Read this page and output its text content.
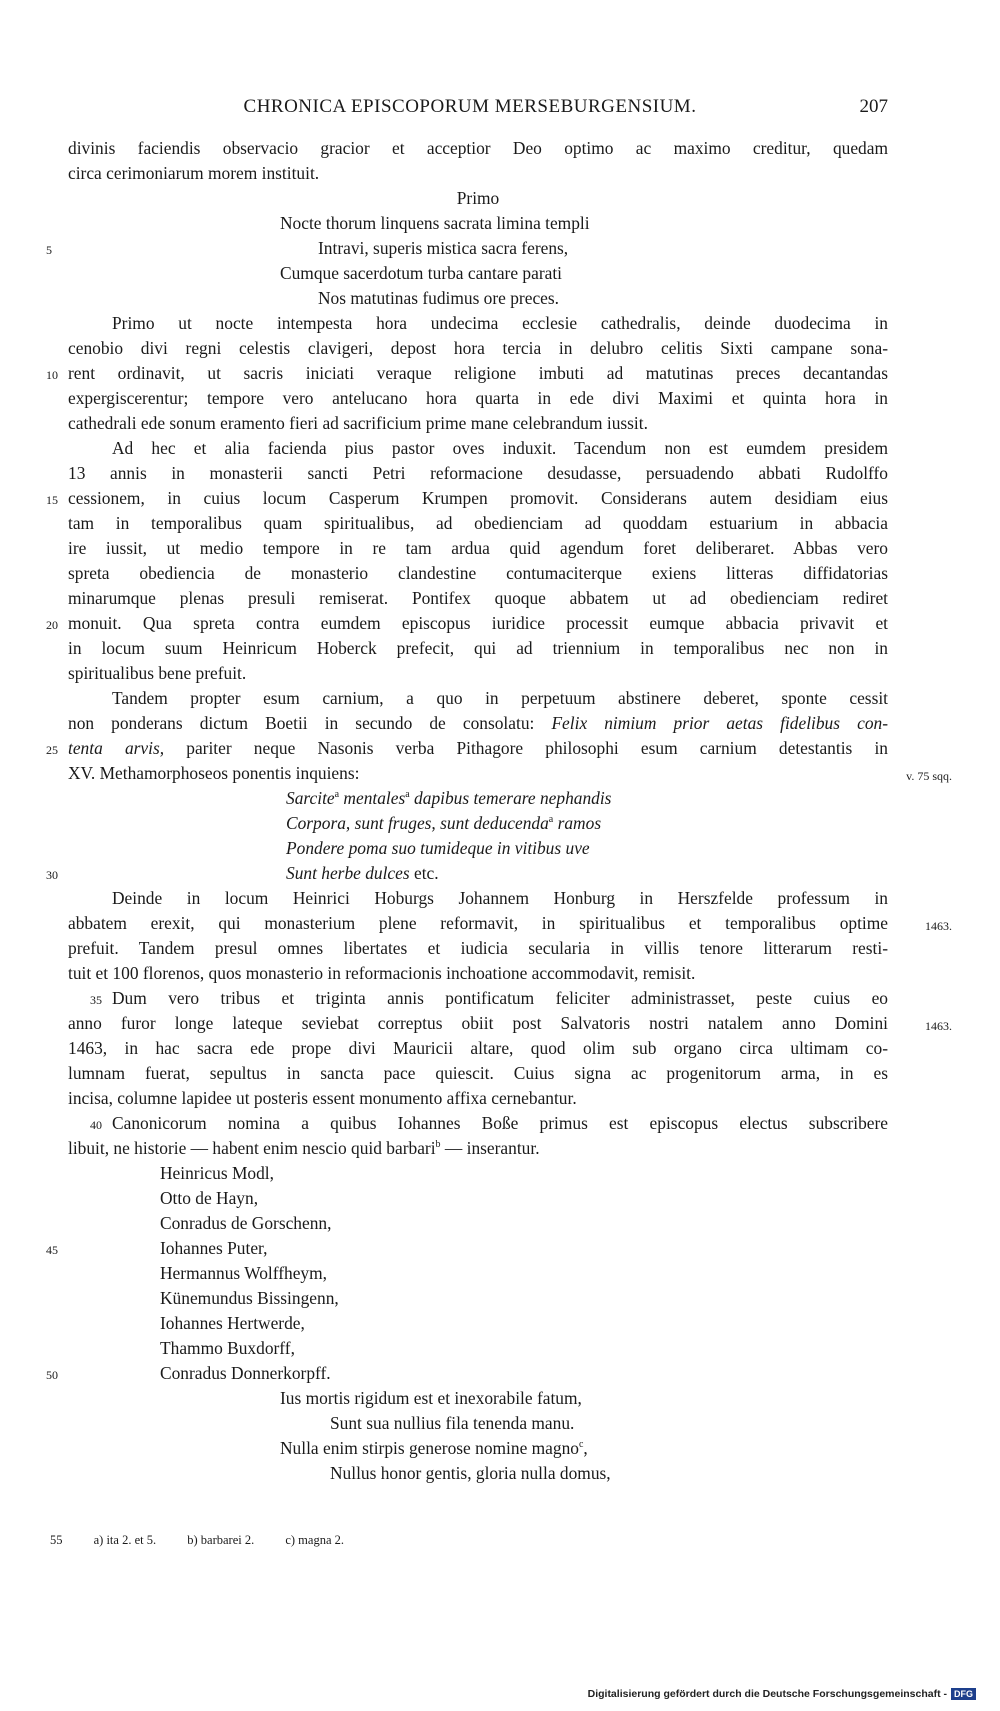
CHRONICA EPISCOPORUM MERSEBURGENSIUM.	207
divinis faciendis observacio gracior et acceptior Deo optimo ac maximo creditur, quedam
circa cerimoniarum morem instituit.
Primo
Nocte thorum linquens sacrata limina templi
5	Intravi, superis mistica sacra ferens,
Cumque sacerdotum turba cantare parati
Nos matutinas fudimus ore preces.
Primo ut nocte intempesta hora undecima ecclesie cathedralis, deinde duodecima in
cenobio divi regni celestis clavigeri, depost hora tercia in delubro celitis Sixti campane sona-
10 rent ordinavit, ut sacris iniciati veraque religione imbuti ad matutinas preces decantandas
expergiscerentur; tempore vero antelucano hora quarta in ede divi Maximi et quinta hora in
cathedrali ede sonum eramento fieri ad sacrificium prime mane celebrandum iussit.
Ad hec et alia facienda pius pastor oves induxit. Tacendum non est eumdem presidem
13 annis in monasterii sancti Petri reformacione desudasse, persuadendo abbati Rudolffo
15 cessionem, in cuius locum Casperum Krumpen promovit. Considerans autem desidiam eius
tam in temporalibus quam spiritualibus, ad obedienciam ad quoddam estuarium in abbacia
ire iussit, ut medio tempore in re tam ardua quid agendum foret deliberaret. Abbas vero
spreta obediencia de monasterio clandestine contumaciterque exiens litteras diffidatorias
minarumque plenas presuli remiserat. Pontifex quoque abbatem ut ad obedienciam rediret
20 monuit. Qua spreta contra eumdem episcopus iuridice processit eumque abbacia privavit et
in locum suum Heinricum Hoberck prefecit, qui ad triennium in temporalibus nec non in
spiritualibus bene prefuit.
Tandem propter esum carnium, a quo in perpetuum abstinere deberet, sponte cessit
non ponderans dictum Boetii in secundo de consolatu: Felix nimium prior aetas fidelibus con-
25 tenta arvis, pariter neque Nasonis verba Pithagore philosophi esum carnium detestantis in
XV. Methamorphoseos ponentis inquiens:	v. 75 sqq.
Sarcite$^a$ mentales$^a$ dapibus temerare nephandis
Corpora, sunt fruges, sunt deducenda$^a$ ramos
Pondere poma suo tumideque in vitibus uve
30	Sunt herbe dulces etc.
Deinde in locum Heinrici Hoburgs Johannem Honburg in Herszfelde professum in
abbatem erexit, qui monasterium plene reformavit, in spiritualibus et temporalibus optime	1463.
prefuit. Tandem presul omnes libertates et iudicia secularia in villis tenore litterarum resti-
tuit et 100 florenos, quos monasterio in reformacionis inchoatione accommodavit, remisit.
35 Dum vero tribus et triginta annis pontificatum feliciter administrasset, peste cuius eo
anno furor longe lateque seviebat correptus obiit post Salvatoris nostri natalem anno Domini	1463.
1463, in hac sacra ede prope divi Mauricii altare, quod olim sub organo circa ultimam co-
lumnam fuerat, sepultus in sancta pace quiescit. Cuius signa ac progenitorum arma, in es
incisa, columne lapidee ut posteris essent monumento affixa cernebantur.
40 Canonicorum nomina a quibus Iohannes Boße primus est episcopus electus subscribere
libuit, ne historie — habent enim nescio quid barbari$^b$ — inserantur.
Heinricus Modl,
Otto de Hayn,
Conradus de Gorschenn,
45	Iohannes Puter,
Hermannus Wolffheym,
Künemundus Bissingenn,
Iohannes Hertwerde,
Thammo Buxdorff,
50	Conradus Donnerkorpff.
Ius mortis rigidum est et inexorabile fatum,
Sunt sua nullius fila tenenda manu.
Nulla enim stirpis generose nomine magno$^c$,
Nullus honor gentis, gloria nulla domus,
55 a) ita 2. et 5. b) barbarei 2. c) magna 2.
Digitalisierung gefördert durch die Deutsche Forschungsgemeinschaft - DFG
